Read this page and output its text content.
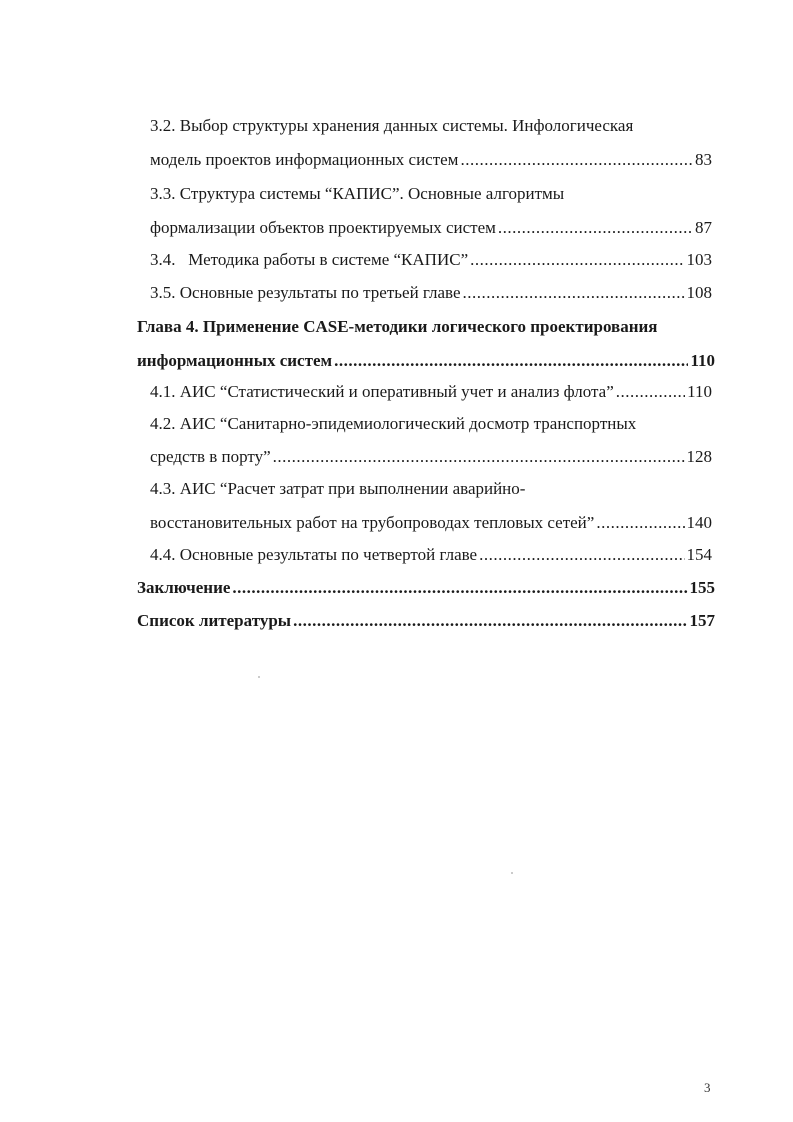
3.2. Выбор структуры хранения данных системы. Инфологическая
модель проектов информационных систем .....	83
3.3. Структура системы “КАПИС”. Основные алгоритмы
формализации объектов проектируемых систем .....	87
3.4.   Методика работы в системе “КАПИС” .....	103
3.5. Основные результаты по третьей главе .....	108
Глава 4. Применение CASE-методики логического проектирования
информационных систем .....	110
4.1. АИС “Статистический и оперативный учет и анализ флота” .....	110
4.2. АИС “Санитарно-эпидемиологический досмотр транспортных
средств в порту” .....	128
4.3. АИС “Расчет затрат при выполнении аварийно-
восстановительных работ на трубопроводах тепловых сетей” .....	140
4.4. Основные результаты по четвертой главе .....	154
Заключение .....	155
Список литературы .....	157
3
